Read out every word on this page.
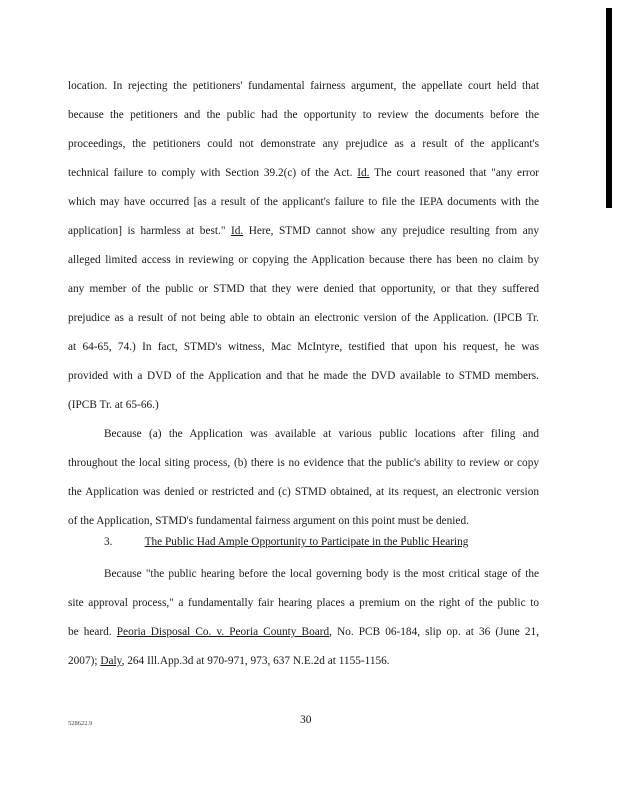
location. In rejecting the petitioners' fundamental fairness argument, the appellate court held that
because the petitioners and the public had the opportunity to review the documents before the
proceedings, the petitioners could not demonstrate any prejudice as a result of the applicant's
technical failure to comply with Section 39.2(c) of the Act. Id. The court reasoned that "any error
which may have occurred [as a result of the applicant's failure to file the IEPA documents with the
application] is harmless at best." Id. Here, STMD cannot show any prejudice resulting from any
alleged limited access in reviewing or copying the Application because there has been no claim by
any member of the public or STMD that they were denied that opportunity, or that they suffered
prejudice as a result of not being able to obtain an electronic version of the Application. (IPCB Tr.
at 64-65, 74.) In fact, STMD's witness, Mac McIntyre, testified that upon his request, he was
provided with a DVD of the Application and that he made the DVD available to STMD members.
(IPCB Tr. at 65-66.)
Because (a) the Application was available at various public locations after filing and
throughout the local siting process, (b) there is no evidence that the public's ability to review or copy
the Application was denied or restricted and (c) STMD obtained, at its request, an electronic version
of the Application, STMD's fundamental fairness argument on this point must be denied.
3.	The Public Had Ample Opportunity to Participate in the Public Hearing
Because "the public hearing before the local governing body is the most critical stage of the
site approval process," a fundamentally fair hearing places a premium on the right of the public to
be heard. Peoria Disposal Co. v. Peoria County Board, No. PCB 06-184, slip op. at 36 (June 21,
2007); Daly, 264 Ill.App.3d at 970-971, 973, 637 N.E.2d at 1155-1156.
528622.9	30
